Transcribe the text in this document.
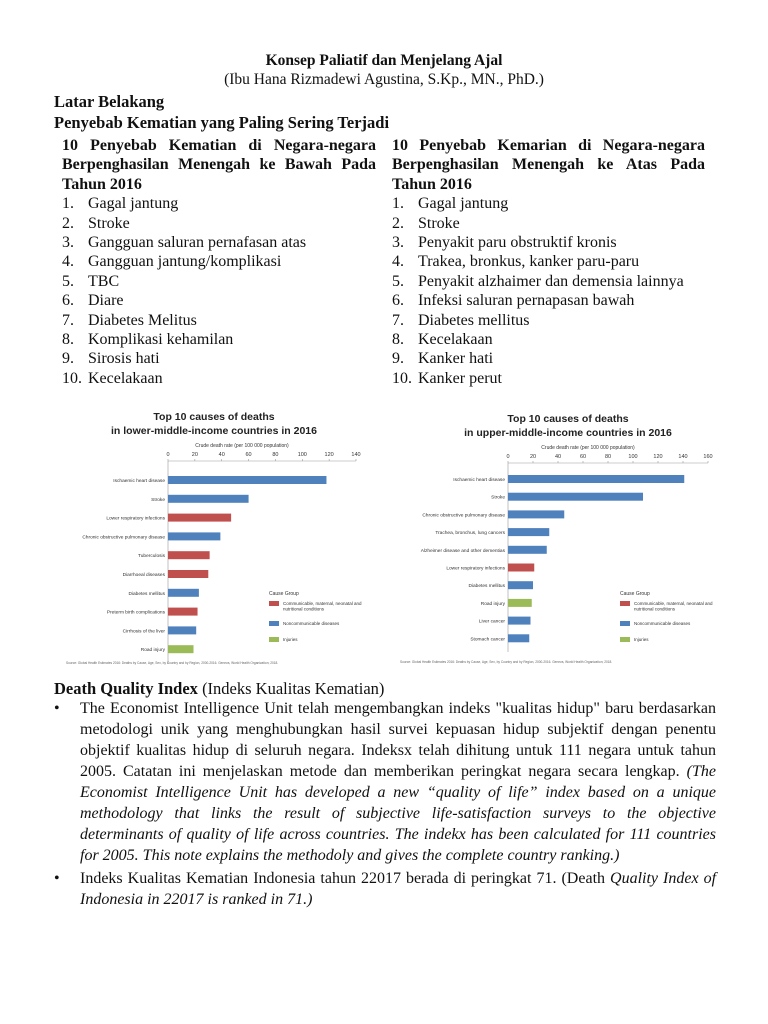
Konsep Paliatif dan Menjelang Ajal
(Ibu Hana Rizmadewi Agustina, S.Kp., MN., PhD.)
Latar Belakang
Penyebab Kematian yang Paling Sering Terjadi
10 Penyebab Kematian di Negara-negara Berpenghasilan Menengah ke Bawah Pada Tahun 2016
1. Gagal jantung
2. Stroke
3. Gangguan saluran pernafasan atas
4. Gangguan jantung/komplikasi
5. TBC
6. Diare
7. Diabetes Melitus
8. Komplikasi kehamilan
9. Sirosis hati
10. Kecelakaan
10 Penyebab Kemarian di Negara-negara Berpenghasilan Menengah ke Atas Pada Tahun 2016
1. Gagal jantung
2. Stroke
3. Penyakit paru obstruktif kronis
4. Trakea, bronkus, kanker paru-paru
5. Penyakit alzhaimer dan demensia lainnya
6. Infeksi saluran pernapasan bawah
7. Diabetes mellitus
8. Kecelakaan
9. Kanker hati
10. Kanker perut
Top 10 causes of deaths
in lower-middle-income countries in 2016
Crude death rate (per 100 000 population)
0	20	40	60	80	100	120	140
Ischaemic heart disease
Stroke
Lower respiratory infections
Chronic obstructive pulmonary disease
Tuberculosis
Diarrhoeal diseases
Diabetes mellitus
Preterm birth complications
Cirrhosis of the liver
Road injury
Cause Group
Communicable, maternal, neonatal and nutritional conditions
Noncommunicable diseases
Injuries
Source: Global Health Estimates 2016: Deaths by Cause, Age, Sex, by Country and by Region, 2000-2016. Geneva, World Health Organization; 2018.
Top 10 causes of deaths
in upper-middle-income countries in 2016
Crude death rate (per 100 000 population)
0	20	40	60	80	100	120	140	160
Ischaemic heart disease
Stroke
Chronic obstructive pulmonary disease
Trachea, bronchus, lung cancers
Alzheimer disease and other dementias
Lower respiratory infections
Diabetes mellitus
Road injury
Liver cancer
Stomach cancer
Cause Group
Communicable, maternal, neonatal and nutritional conditions
Noncommunicable diseases
Injuries
Source: Global Health Estimates 2016: Deaths by Cause, Age, Sex, by Country and by Region, 2000-2016. Geneva, World Health Organization; 2018.
Death Quality Index (Indeks Kualitas Kematian)
•	The Economist Intelligence Unit telah mengembangkan indeks "kualitas hidup" baru berdasarkan metodologi unik yang menghubungkan hasil survei kepuasan hidup subjektif dengan penentu objektif kualitas hidup di seluruh negara. Indeksx telah dihitung untuk 111 negara untuk tahun 2005. Catatan ini menjelaskan metode dan memberikan peringkat negara secara lengkap. (The Economist Intelligence Unit has developed a new “quality of life” index based on a unique methodology that links the result of subjective life-satisfaction surveys to the objective determinants of quality of life across countries. The indekx has been calculated for 111 countries for 2005. This note explains the methodoly and gives the complete country ranking.)
•	Indeks Kualitas Kematian Indonesia tahun 22017 berada di peringkat 71. (Death Quality Index of Indonesia in 22017 is ranked in 71.)
